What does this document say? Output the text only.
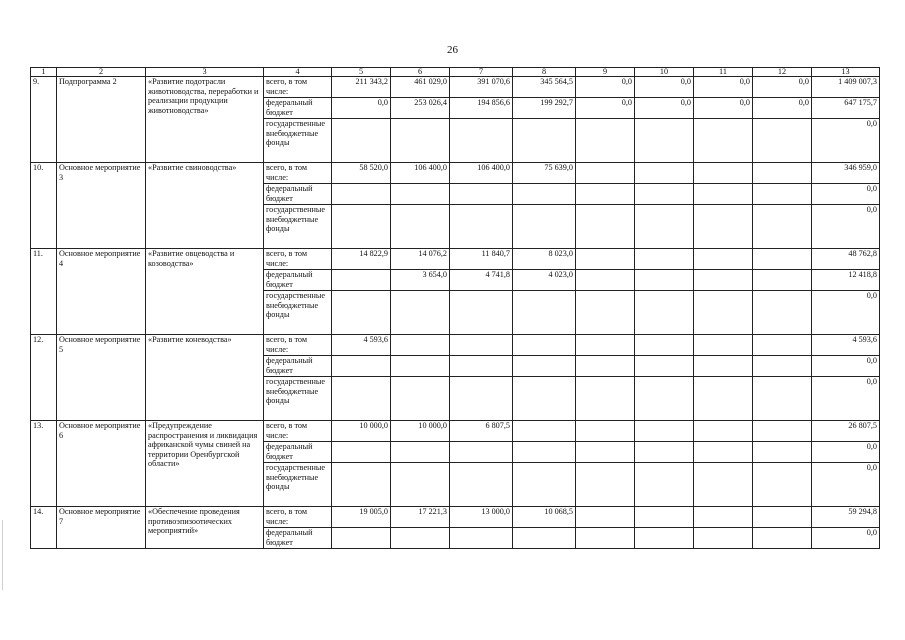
26
1	2	3	4	5	6	7	8	9	10	11	12	13
9.	Подпрограмма 2	«Развитие подотрасли животноводства, переработки и реализации продукции животноводства»	всего, в том числе:	211 343,2	461 029,0	391 070,6	345 564,5	0,0	0,0	0,0	0,0	1 409 007,3
			федеральный бюджет	0,0	253 026,4	194 856,6	199 292,7	0,0	0,0	0,0	0,0	647 175,7
			государственные внебюджетные фонды									0,0
10.	Основное мероприятие 3	«Развитие свиноводства»	всего, в том числе:	58 520,0	106 400,0	106 400,0	75 639,0					346 959,0
			федеральный бюджет									0,0
			государственные внебюджетные фонды									0,0
11.	Основное мероприятие 4	«Развитие овцеводства и козоводства»	всего, в том числе:	14 822,9	14 076,2	11 840,7	8 023,0					48 762,8
			федеральный бюджет		3 654,0	4 741,8	4 023,0					12 418,8
			государственные внебюджетные фонды									0,0
12.	Основное мероприятие 5	«Развитие коневодства»	всего, в том числе:	4 593,6								4 593,6
			федеральный бюджет									0,0
			государственные внебюджетные фонды									0,0
13.	Основное мероприятие 6	«Предупреждение распространения и ликвидация африканской чумы свиней на территории Оренбургской области»	всего, в том числе:	10 000,0	10 000,0	6 807,5						26 807,5
			федеральный бюджет									0,0
			государственные внебюджетные фонды									0,0
14.	Основное мероприятие 7	«Обеспечение проведения противоэпизоотических мероприятий»	всего, в том числе:	19 005,0	17 221,3	13 000,0	10 068,5					59 294,8
			федеральный бюджет									0,0
